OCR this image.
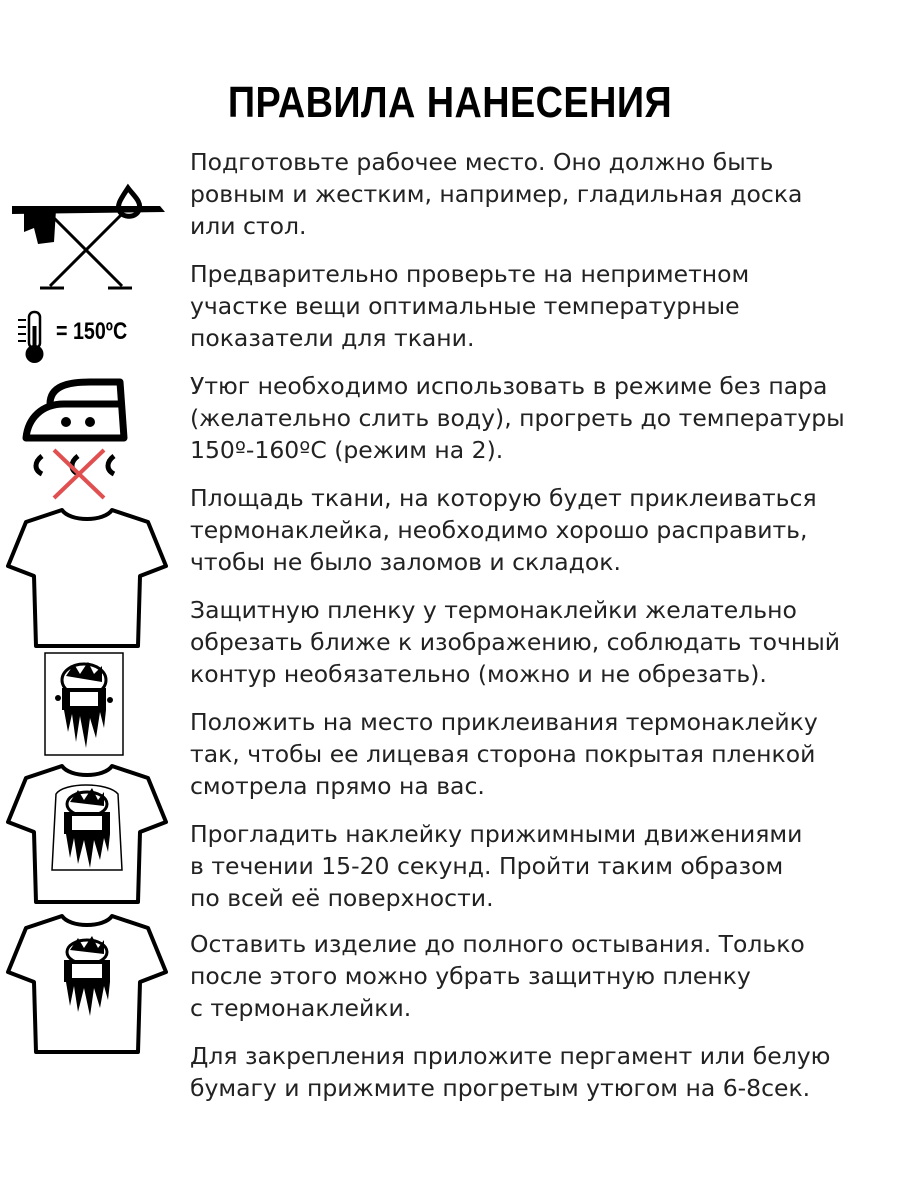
ПРАВИЛА НАНЕСЕНИЯ
= 150ºC
Подготовьте рабочее место. Оно должно быть
ровным и жестким, например, гладильная доска
или стол.
Предварительно проверьте на неприметном
участке вещи оптимальные температурные
показатели для ткани.
Утюг необходимо использовать в режиме без пара
(желательно слить воду), прогреть до температуры
150º-160ºC (режим на 2).
Площадь ткани, на которую будет приклеиваться
термонаклейка, необходимо хорошо расправить,
чтобы не было заломов и складок.
Защитную пленку у термонаклейки желательно
обрезать ближе к изображению, соблюдать точный
контур необязательно (можно и не обрезать).
Положить на место приклеивания термонаклейку
так, чтобы ее лицевая сторона покрытая пленкой
смотрела прямо на вас.
Прогладить наклейку прижимными движениями
в течении 15-20 секунд. Пройти таким образом
по всей её поверхности.
Оставить изделие до полного остывания. Только
после этого можно убрать защитную пленку
с термонаклейки.
Для закрепления приложите пергамент или белую
бумагу и прижмите прогретым утюгом на 6-8сек.
